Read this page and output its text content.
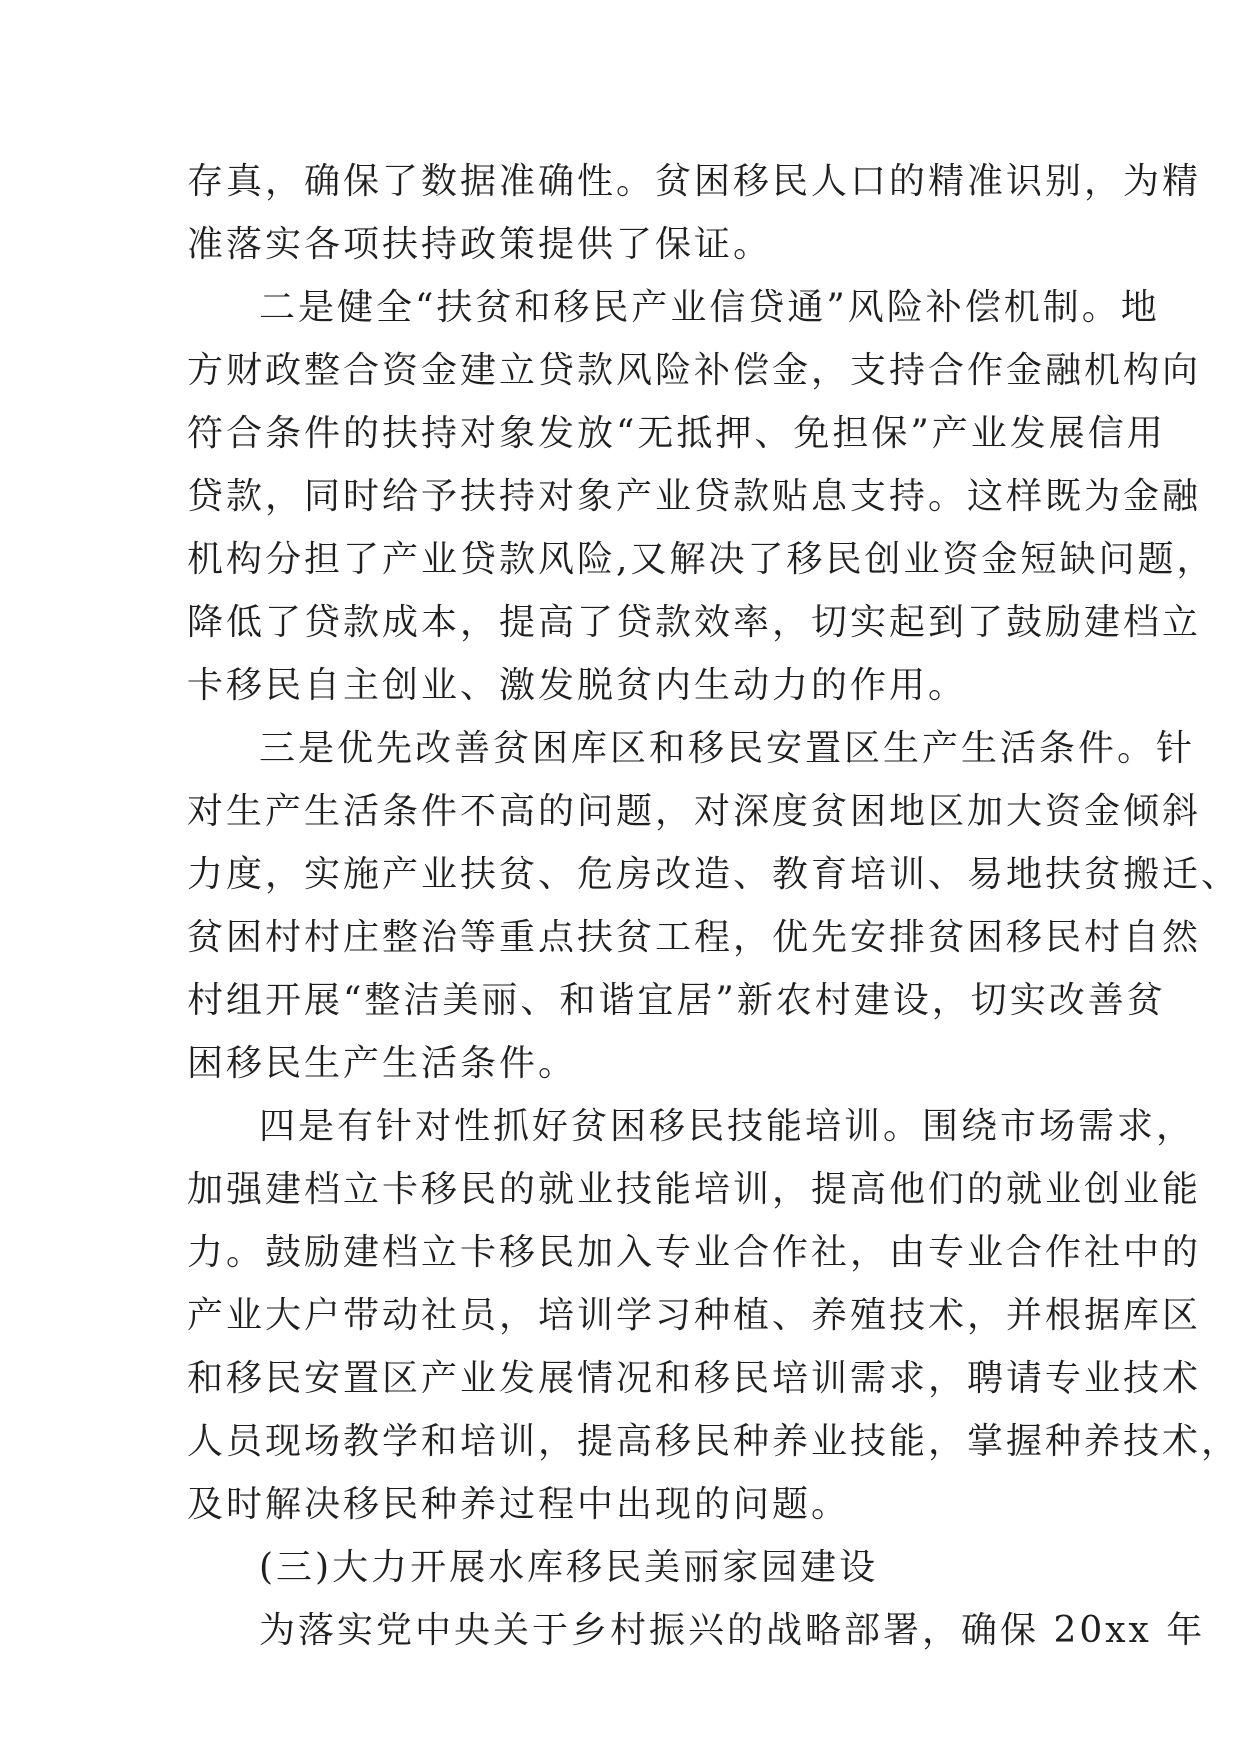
存真，确保了数据准确性。贫困移民人口的精准识别，为精
准落实各项扶持政策提供了保证。
二是健全“扶贫和移民产业信贷通”风险补偿机制。地
方财政整合资金建立贷款风险补偿金，支持合作金融机构向
符合条件的扶持对象发放“无抵押、免担保”产业发展信用
贷款，同时给予扶持对象产业贷款贴息支持。这样既为金融
机构分担了产业贷款风险,又解决了移民创业资金短缺问题，
降低了贷款成本，提高了贷款效率，切实起到了鼓励建档立
卡移民自主创业、激发脱贫内生动力的作用。
三是优先改善贫困库区和移民安置区生产生活条件。针
对生产生活条件不高的问题，对深度贫困地区加大资金倾斜
力度，实施产业扶贫、危房改造、教育培训、易地扶贫搬迁、
贫困村村庄整治等重点扶贫工程，优先安排贫困移民村自然
村组开展“整洁美丽、和谐宜居”新农村建设，切实改善贫
困移民生产生活条件。
四是有针对性抓好贫困移民技能培训。围绕市场需求，
加强建档立卡移民的就业技能培训，提高他们的就业创业能
力。鼓励建档立卡移民加入专业合作社，由专业合作社中的
产业大户带动社员，培训学习种植、养殖技术，并根据库区
和移民安置区产业发展情况和移民培训需求，聘请专业技术
人员现场教学和培训，提高移民种养业技能，掌握种养技术，
及时解决移民种养过程中出现的问题。
(三)大力开展水库移民美丽家园建设
为落实党中央关于乡村振兴的战略部署，确保 20xx 年
